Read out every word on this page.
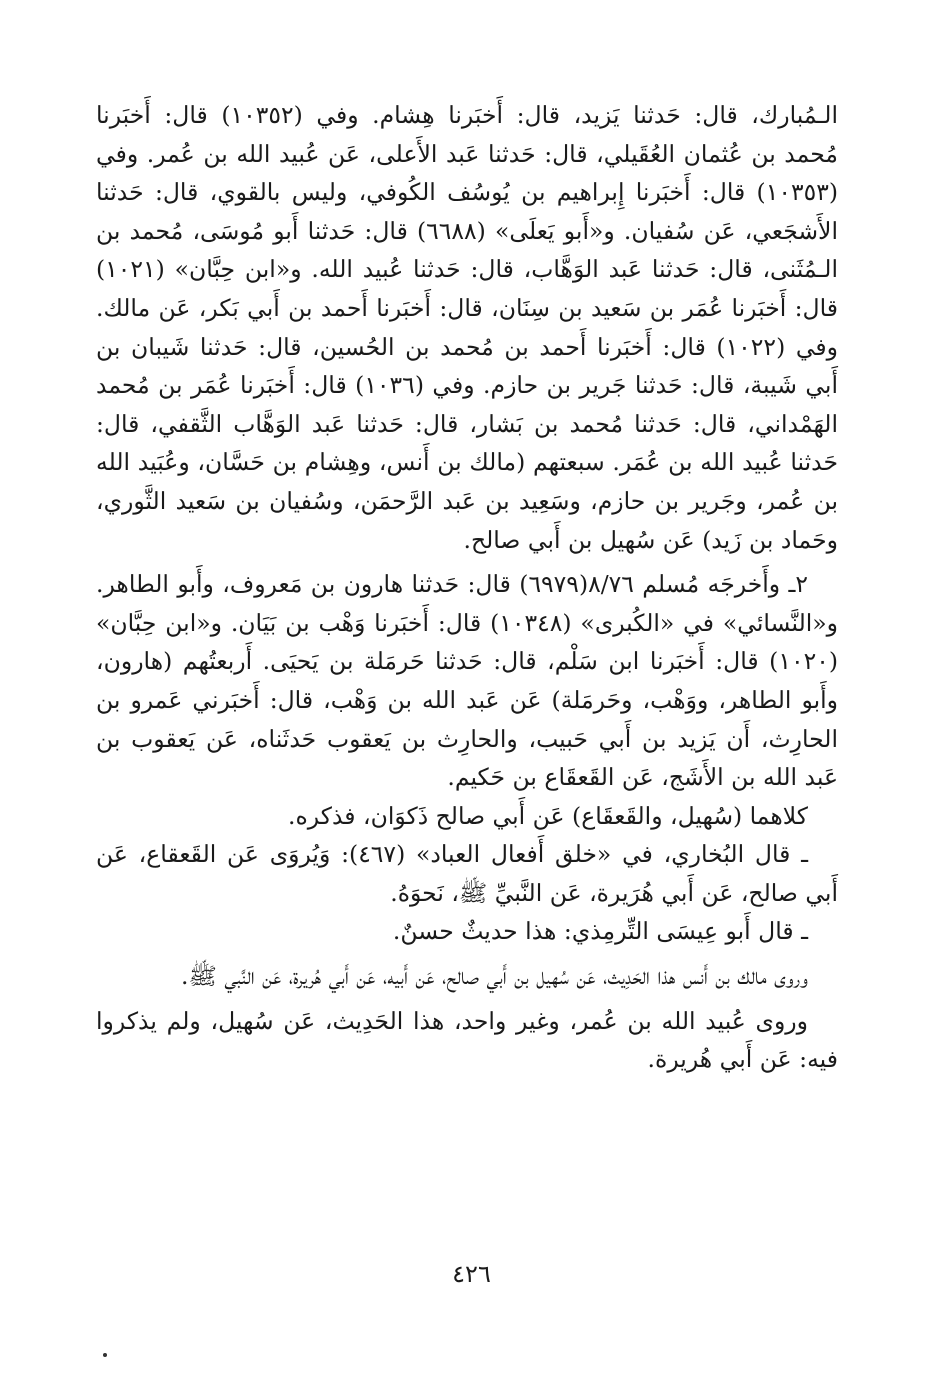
الـمُبارك، قال: حَدثنا يَزيد، قال: أَخبَرنا هِشام. وفي (١٠٣٥٢) قال: أَخبَرنا مُحمد بن عُثمان العُقَيلي، قال: حَدثنا عَبد الأَعلى، عَن عُبيد الله بن عُمر. وفي (١٠٣٥٣) قال: أَخبَرنا إِبراهيم بن يُوسُف الكُوفي، وليس بالقوي، قال: حَدثنا الأَشجَعي، عَن سُفيان. و«أَبو يَعلَى» (٦٦٨٨) قال: حَدثنا أَبو مُوسَى، مُحمد بن الـمُثَنى، قال: حَدثنا عَبد الوَهَّاب، قال: حَدثنا عُبيد الله. و«ابن حِبَّان» (١٠٢١) قال: أَخبَرنا عُمَر بن سَعيد بن سِنَان، قال: أَخبَرنا أَحمد بن أَبي بَكر، عَن مالك. وفي (١٠٢٢) قال: أَخبَرنا أَحمد بن مُحمد بن الحُسين، قال: حَدثنا شَيبان بن أَبي شَيبة، قال: حَدثنا جَرير بن حازم. وفي (١٠٣٦) قال: أَخبَرنا عُمَر بن مُحمد الهَمْداني، قال: حَدثنا مُحمد بن بَشار، قال: حَدثنا عَبد الوَهَّاب الثَّقفي، قال: حَدثنا عُبيد الله بن عُمَر. سبعتهم (مالك بن أَنس، وهِشام بن حَسَّان، وعُبَيد الله بن عُمر، وجَرير بن حازم، وسَعِيد بن عَبد الرَّحمَن، وسُفيان بن سَعيد الثَّوري، وحَماد بن زَيد) عَن سُهيل بن أَبي صالح.

٢ـ وأَخرجَه مُسلم ٨/٧٦(٦٩٧٩) قال: حَدثنا هارون بن مَعروف، وأَبو الطاهر. و«النَّسائي» في «الكُبرى» (١٠٣٤٨) قال: أَخبَرنا وَهْب بن بَيَان. و«ابن حِبَّان» (١٠٢٠) قال: أَخبَرنا ابن سَلْم، قال: حَدثنا حَرمَلة بن يَحيَى. أَربعتُهم (هارون، وأَبو الطاهر، ووَهْب، وحَرمَلة) عَن عَبد الله بن وَهْب، قال: أَخبَرني عَمرو بن الحارِث، أَن يَزيد بن أَبي حَبيب، والحارِث بن يَعقوب حَدثَناه، عَن يَعقوب بن عَبد الله بن الأَشَج، عَن القَعقَاع بن حَكيم.

كلاهما (سُهيل، والقَعقَاع) عَن أَبي صالح ذَكوَان، فذكره.

ـ قال البُخاري، في «خلق أَفعال العباد» (٤٦٧): وَيُروَى عَن القَعقاع، عَن أَبي صالح، عَن أَبي هُرَيرة، عَن النَّبيِّ ﷺ، نَحوَهُ.

ـ قال أَبو عِيسَى التِّرمِذي: هذا حديثٌ حسنٌ.

وروى مالك بن أَنس هذا الحَدِيث، عَن سُهيل بن أَبي صالح، عَن أَبيه، عَن أَبي هُريرة، عَن النَّبي ﷺ.

وروى عُبيد الله بن عُمر، وغير واحد، هذا الحَدِيث، عَن سُهيل، ولم يذكروا فيه: عَن أَبي هُريرة.

٤٢٦
